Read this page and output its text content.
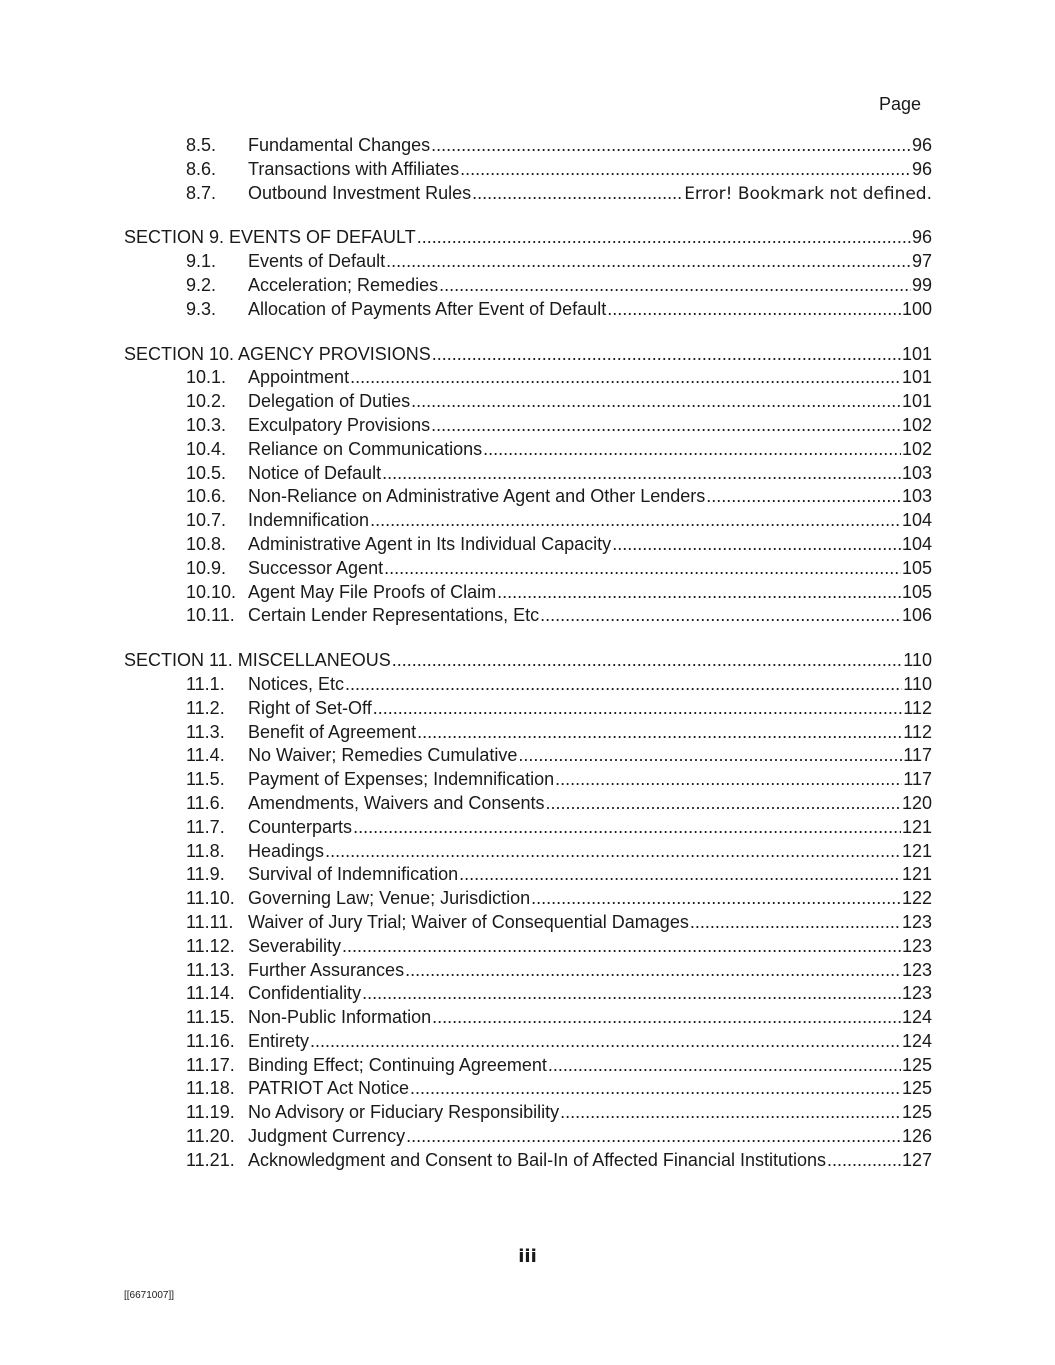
Page
8.5.	Fundamental Changes .....	96
8.6.	Transactions with Affiliates .....	96
8.7.	Outbound Investment Rules .....	Error! Bookmark not defined.
SECTION 9. EVENTS OF DEFAULT .....	96
9.1.	Events of Default .....	97
9.2.	Acceleration; Remedies .....	99
9.3.	Allocation of Payments After Event of Default .....	100
SECTION 10. AGENCY PROVISIONS .....	101
10.1.	Appointment .....	101
10.2.	Delegation of Duties .....	101
10.3.	Exculpatory Provisions .....	102
10.4.	Reliance on Communications .....	102
10.5.	Notice of Default .....	103
10.6.	Non-Reliance on Administrative Agent and Other Lenders .....	103
10.7.	Indemnification .....	104
10.8.	Administrative Agent in Its Individual Capacity .....	104
10.9.	Successor Agent .....	105
10.10. Agent May File Proofs of Claim .....	105
10.11. Certain Lender Representations, Etc .....	106
SECTION 11. MISCELLANEOUS .....	110
11.1.	Notices, Etc .....	110
11.2.	Right of Set-Off .....	112
11.3.	Benefit of Agreement .....	112
11.4.	No Waiver; Remedies Cumulative .....	117
11.5.	Payment of Expenses; Indemnification .....	117
11.6.	Amendments, Waivers and Consents .....	120
11.7.	Counterparts .....	121
11.8.	Headings .....	121
11.9.	Survival of Indemnification .....	121
11.10. Governing Law; Venue; Jurisdiction .....	122
11.11. Waiver of Jury Trial; Waiver of Consequential Damages .....	123
11.12. Severability .....	123
11.13. Further Assurances .....	123
11.14. Confidentiality .....	123
11.15. Non-Public Information .....	124
11.16. Entirety .....	124
11.17. Binding Effect; Continuing Agreement .....	125
11.18. PATRIOT Act Notice .....	125
11.19. No Advisory or Fiduciary Responsibility .....	125
11.20. Judgment Currency .....	126
11.21. Acknowledgment and Consent to Bail-In of Affected Financial Institutions .....	127
iii
[[6671007]]
